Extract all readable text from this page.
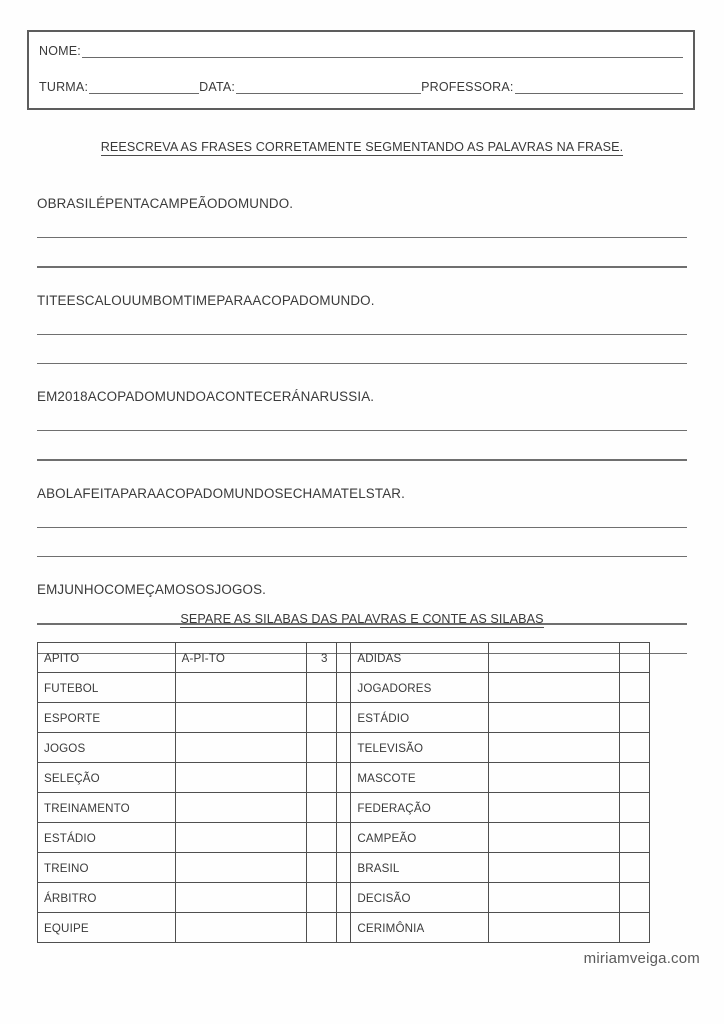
NOME:
TURMA:	DATA:	PROFESSORA:
REESCREVA AS FRASES CORRETAMENTE SEGMENTANDO AS PALAVRAS NA FRASE.
OBRASILÉPENTACAMPEÃODOMUNDO.
TITEESCALOUUMBOMTIMEPARAACOPADOMUNDO.
EM2018ACOPADOMUNDOACONTECERÁNARUSSIA.
ABOLAFEITAPARAACOPADOMUNDOSECHAMATELSTAR.
EMJUNHOCOMEÇAMOSOSJOGOS.
SEPARE AS SILABAS DAS PALAVRAS E CONTE AS SILABAS
APITO	A-PI-TO	3		ADIDAS		
FUTEBOL				JOGADORES		
ESPORTE				ESTÁDIO		
JOGOS				TELEVISÃO		
SELEÇÃO				MASCOTE		
TREINAMENTO				FEDERAÇÃO		
ESTÁDIO				CAMPEÃO		
TREINO				BRASIL		
ÁRBITRO				DECISÃO		
EQUIPE				CERIMÔNIA		
miriamveiga.com
